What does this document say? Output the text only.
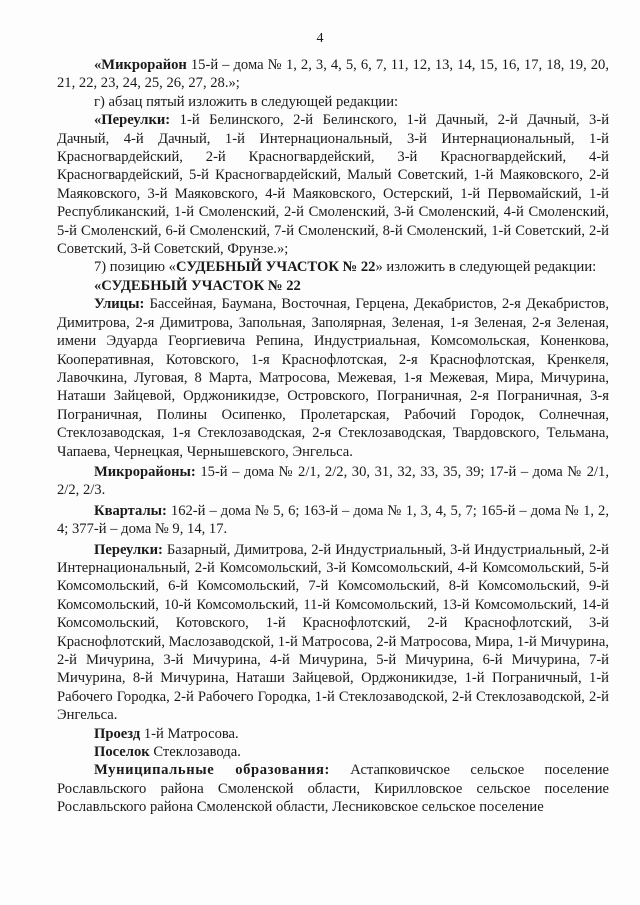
4

«Микрорайон 15-й – дома № 1, 2, 3, 4, 5, 6, 7, 11, 12, 13, 14, 15, 16, 17, 18, 19, 20, 21, 22, 23, 24, 25, 26, 27, 28.»;

г) абзац пятый изложить в следующей редакции:

«Переулки: 1-й Белинского, 2-й Белинского, 1-й Дачный, 2-й Дачный, 3-й Дачный, 4-й Дачный, 1-й Интернациональный, 3-й Интернациональный, 1-й Красногвардейский, 2-й Красногвардейский, 3-й Красногвардейский, 4-й Красногвардейский, 5-й Красногвардейский, Малый Советский, 1-й Маяковского, 2-й Маяковского, 3-й Маяковского, 4-й Маяковского, Остерский, 1-й Первомайский, 1-й Республиканский, 1-й Смоленский, 2-й Смоленский, 3-й Смоленский, 4-й Смоленский, 5-й Смоленский, 6-й Смоленский, 7-й Смоленский, 8-й Смоленский, 1-й Советский, 2-й Советский, 3-й Советский, Фрунзе.»;

7) позицию «СУДЕБНЫЙ УЧАСТОК № 22» изложить в следующей редакции:

«СУДЕБНЫЙ УЧАСТОК № 22

Улицы: Бассейная, Баумана, Восточная, Герцена, Декабристов, 2-я Декабристов, Димитрова, 2-я Димитрова, Запольная, Заполярная, Зеленая, 1-я Зеленая, 2-я Зеленая, имени Эдуарда Георгиевича Репина, Индустриальная, Комсомольская, Коненкова, Кооперативная, Котовского, 1-я Краснофлотская, 2-я Краснофлотская, Кренкеля, Лавочкина, Луговая, 8 Марта, Матросова, Межевая, 1-я Межевая, Мира, Мичурина, Наташи Зайцевой, Орджоникидзе, Островского, Пограничная, 2-я Пограничная, 3-я Пограничная, Полины Осипенко, Пролетарская, Рабочий Городок, Солнечная, Стеклозаводская, 1-я Стеклозаводская, 2-я Стеклозаводская, Твардовского, Тельмана, Чапаева, Чернецкая, Чернышевского, Энгельса.

Микрорайоны: 15-й – дома № 2/1, 2/2, 30, 31, 32, 33, 35, 39; 17-й – дома № 2/1, 2/2, 2/3.

Кварталы: 162-й – дома № 5, 6; 163-й – дома № 1, 3, 4, 5, 7; 165-й – дома № 1, 2, 4; 377-й – дома № 9, 14, 17.

Переулки: Базарный, Димитрова, 2-й Индустриальный, 3-й Индустриальный, 2-й Интернациональный, 2-й Комсомольский, 3-й Комсомольский, 4-й Комсомольский, 5-й Комсомольский, 6-й Комсомольский, 7-й Комсомольский, 8-й Комсомольский, 9-й Комсомольский, 10-й Комсомольский, 11-й Комсомольский, 13-й Комсомольский, 14-й Комсомольский, Котовского, 1-й Краснофлотский, 2-й Краснофлотский, 3-й Краснофлотский, Маслозаводской, 1-й Матросова, 2-й Матросова, Мира, 1-й Мичурина, 2-й Мичурина, 3-й Мичурина, 4-й Мичурина, 5-й Мичурина, 6-й Мичурина, 7-й Мичурина, 8-й Мичурина, Наташи Зайцевой, Орджоникидзе, 1-й Пограничный, 1-й Рабочего Городка, 2-й Рабочего Городка, 1-й Стеклозаводской, 2-й Стеклозаводской, 2-й Энгельса.

Проезд 1-й Матросова.

Поселок Стеклозавода.

Муниципальные образования: Астапковичское сельское поселение Рославльского района Смоленской области, Кирилловское сельское поселение Рославльского района Смоленской области, Лесниковское сельское поселение
